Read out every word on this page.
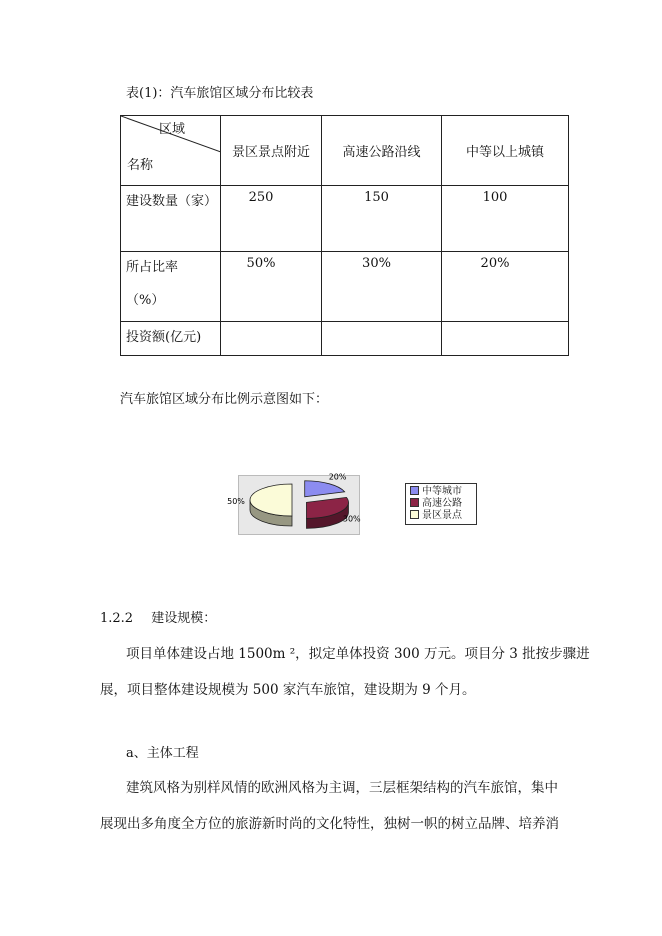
表(1)：汽车旅馆区域分布比较表
区域
名称	景区景点附近	高速公路沿线	中等以上城镇
建设数量（家）	250	150	100

所占比率
（%）	50%	30%	20%
投资额(亿元)			
汽车旅馆区域分布比例示意图如下：
20%
30%
50%
中等城市
高速公路
景区景点
1.2.2 建设规模：
项目单体建设占地 1500m ²，拟定单体投资 300 万元。项目分 3 批按步骤进
展，项目整体建设规模为 500 家汽车旅馆，建设期为 9 个月。
a、主体工程
建筑风格为别样风情的欧洲风格为主调，三层框架结构的汽车旅馆，集中
展现出多角度全方位的旅游新时尚的文化特性，独树一帜的树立品牌、培养消
